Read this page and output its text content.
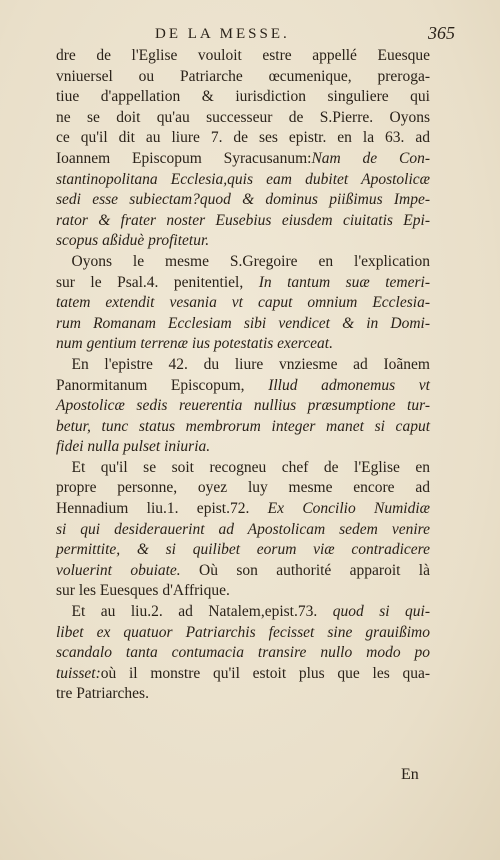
DE LA MESSE.	365
dre de l'Eglise vouloit estre appellé Euesque
vniuersel ou Patriarche œcumenique, preroga-
tiue d'appellation & iurisdiction singuliere qui
ne se doit qu'au successeur de S.Pierre. Oyons
ce qu'il dit au liure 7. de ses epistr. en la 63. ad
Ioannem Episcopum Syracusanum:Nam de Con-
stantinopolitana Ecclesia,quis eam dubitet Apostolicæ
sedi esse subiectam?quod & dominus piißimus Impe-
rator & frater noster Eusebius eiusdem ciuitatis Epi-
scopus aßiduè profitetur.
 Oyons le mesme S.Gregoire en l'explication
sur le Psal.4. penitentiel, In tantum suæ temeri-
tatem extendit vesania vt caput omnium Ecclesia-
rum Romanam Ecclesiam sibi vendicet & in Domi-
num gentium terrenæ ius potestatis exerceat.
 En l'epistre 42. du liure vnziesme ad Ioãnem
Panormitanum Episcopum, Illud admonemus vt
Apostolicæ sedis reuerentia nullius præsumptione tur-
betur, tunc status membrorum integer manet si caput
fidei nulla pulset iniuria.
 Et qu'il se soit recogneu chef de l'Eglise en
propre personne, oyez luy mesme encore ad
Hennadium liu.1. epist.72. Ex Concilio Numidiæ
si qui desiderauerint ad Apostolicam sedem venire
permittite, & si quilibet eorum viæ contradicere
voluerint obuiate. Où son authorité apparoit là
sur les Euesques d'Affrique.
 Et au liu.2. ad Natalem,epist.73. quod si qui-
libet ex quatuor Patriarchis fecisset sine grauißimo
scandalo tanta contumacia transire nullo modo po
tuisset:où il monstre qu'il estoit plus que les qua-
tre Patriarches.
En
